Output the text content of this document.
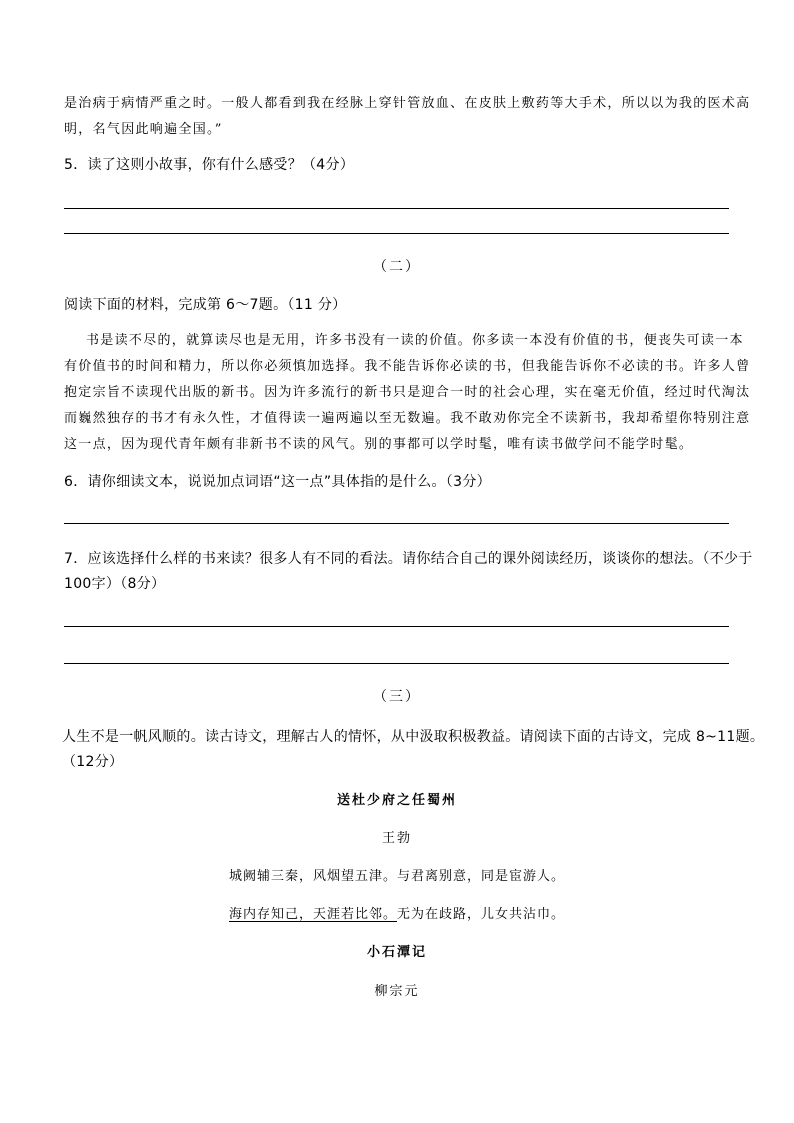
是治病于病情严重之时。一般人都看到我在经脉上穿针管放血、在皮肤上敷药等大手术，所以以为我的医术高
明，名气因此响遍全国。”
5．读了这则小故事，你有什么感受？（4分）
（二）
阅读下面的材料，完成第 6～7题。（11 分）
书是读不尽的，就算读尽也是无用，许多书没有一读的价值。你多读一本没有价值的书，便丧失可读一本
有价值书的时间和精力，所以你必须慎加选择。我不能告诉你必读的书，但我能告诉你不必读的书。许多人曾
抱定宗旨不读现代出版的新书。因为许多流行的新书只是迎合一时的社会心理，实在毫无价值，经过时代淘汰
而巍然独存的书才有永久性，才值得读一遍两遍以至无数遍。我不敢劝你完全不读新书，我却希望你特别注意
这一点，因为现代青年颇有非新书不读的风气。别的事都可以学时髦，唯有读书做学问不能学时髦。
6．请你细读文本，说说加点词语“这一点”具体指的是什么。（3分）
7．应该选择什么样的书来读？很多人有不同的看法。请你结合自己的课外阅读经历，谈谈你的想法。（不少于
100字）（8分）
（三）
人生不是一帆风顺的。读古诗文，理解古人的情怀，从中汲取积极教益。请阅读下面的古诗文，完成 8~11题。
（12分）
送杜少府之任蜀州
王勃
城阙辅三秦，风烟望五津。与君离别意，同是宦游人。
海内存知己，天涯若比邻。无为在歧路，儿女共沾巾。
小石潭记
柳宗元
